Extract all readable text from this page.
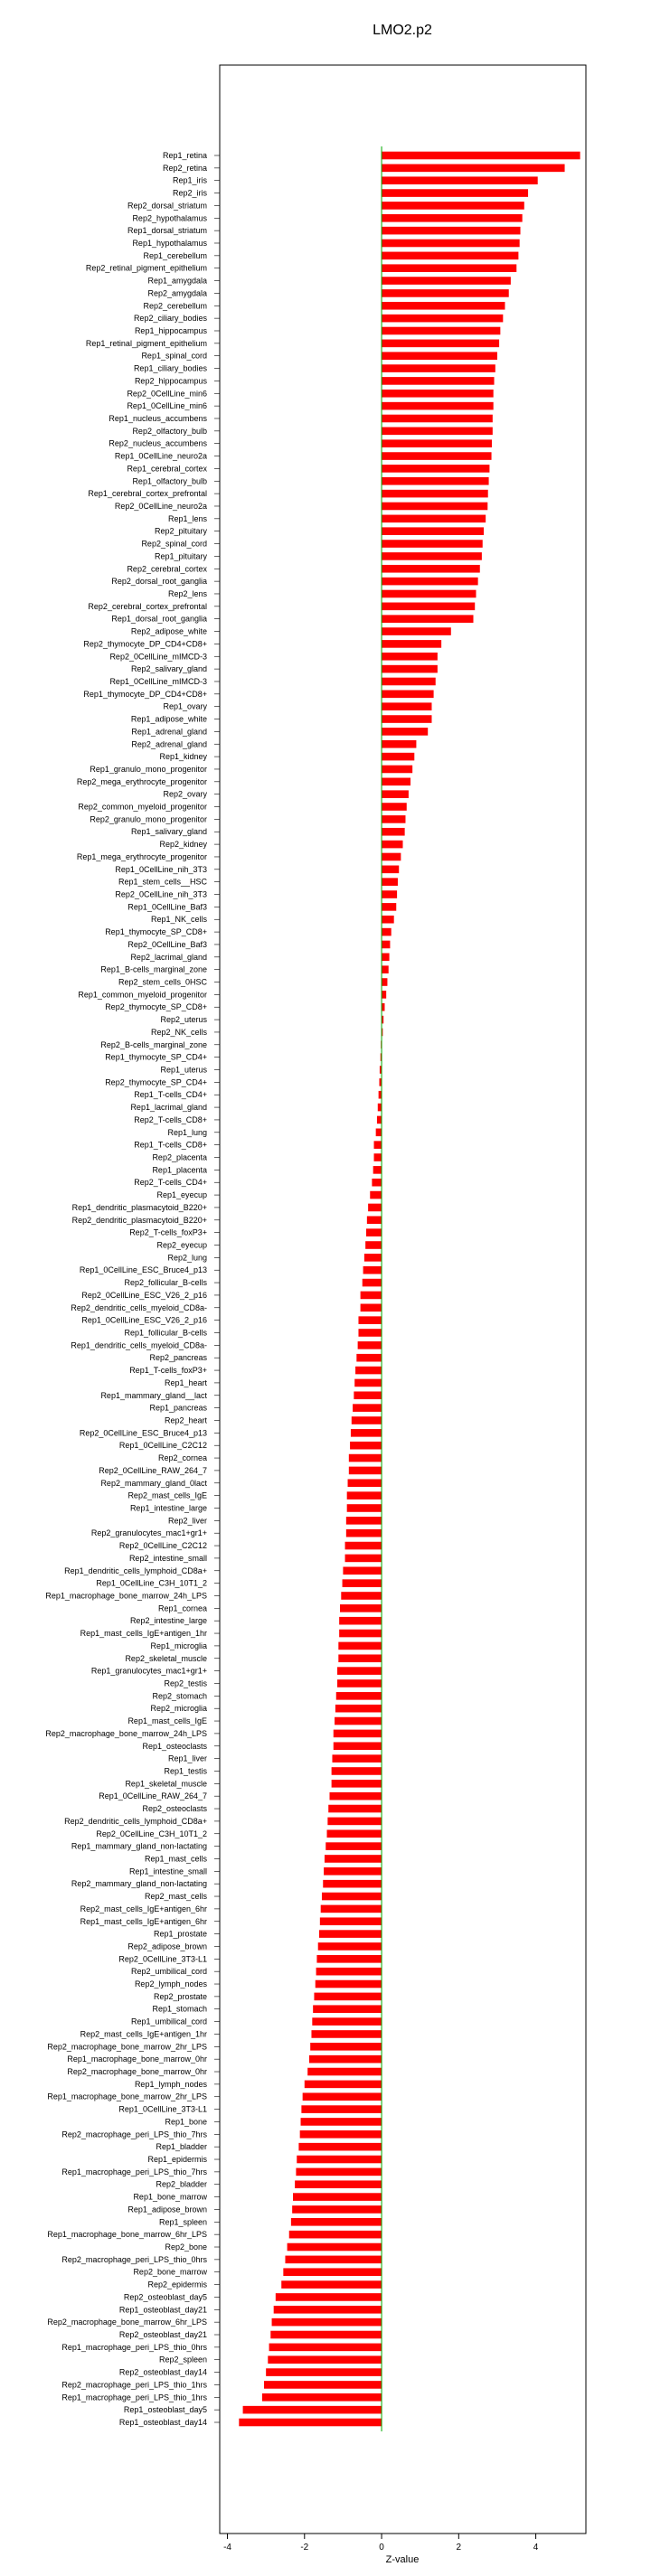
LMO2.p2
Rep1_retina
Rep2_retina
Rep1_iris
Rep2_iris
Rep2_dorsal_striatum
Rep2_hypothalamus
Rep1_dorsal_striatum
Rep1_hypothalamus
Rep1_cerebellum
Rep2_retinal_pigment_epithelium
Rep1_amygdala
Rep2_amygdala
Rep2_cerebellum
Rep2_ciliary_bodies
Rep1_hippocampus
Rep1_retinal_pigment_epithelium
Rep1_spinal_cord
Rep1_ciliary_bodies
Rep2_hippocampus
Rep2_0CellLine_min6
Rep1_0CellLine_min6
Rep1_nucleus_accumbens
Rep2_olfactory_bulb
Rep2_nucleus_accumbens
Rep1_0CellLine_neuro2a
Rep1_cerebral_cortex
Rep1_olfactory_bulb
Rep1_cerebral_cortex_prefrontal
Rep2_0CellLine_neuro2a
Rep1_lens
Rep2_pituitary
Rep2_spinal_cord
Rep1_pituitary
Rep2_cerebral_cortex
Rep2_dorsal_root_ganglia
Rep2_lens
Rep2_cerebral_cortex_prefrontal
Rep1_dorsal_root_ganglia
Rep2_adipose_white
Rep2_thymocyte_DP_CD4+CD8+
Rep2_0CellLine_mIMCD-3
Rep2_salivary_gland
Rep1_0CellLine_mIMCD-3
Rep1_thymocyte_DP_CD4+CD8+
Rep1_ovary
Rep1_adipose_white
Rep1_adrenal_gland
Rep2_adrenal_gland
Rep1_kidney
Rep1_granulo_mono_progenitor
Rep2_mega_erythrocyte_progenitor
Rep2_ovary
Rep2_common_myeloid_progenitor
Rep2_granulo_mono_progenitor
Rep1_salivary_gland
Rep2_kidney
Rep1_mega_erythrocyte_progenitor
Rep1_0CellLine_nih_3T3
Rep1_stem_cells__HSC
Rep2_0CellLine_nih_3T3
Rep1_0CellLine_Baf3
Rep1_NK_cells
Rep1_thymocyte_SP_CD8+
Rep2_0CellLine_Baf3
Rep2_lacrimal_gland
Rep1_B-cells_marginal_zone
Rep2_stem_cells_0HSC
Rep1_common_myeloid_progenitor
Rep2_thymocyte_SP_CD8+
Rep2_uterus
Rep2_NK_cells
Rep2_B-cells_marginal_zone
Rep1_thymocyte_SP_CD4+
Rep1_uterus
Rep2_thymocyte_SP_CD4+
Rep1_T-cells_CD4+
Rep1_lacrimal_gland
Rep2_T-cells_CD8+
Rep1_lung
Rep1_T-cells_CD8+
Rep2_placenta
Rep1_placenta
Rep2_T-cells_CD4+
Rep1_eyecup
Rep1_dendritic_plasmacytoid_B220+
Rep2_dendritic_plasmacytoid_B220+
Rep2_T-cells_foxP3+
Rep2_eyecup
Rep2_lung
Rep1_0CellLine_ESC_Bruce4_p13
Rep2_follicular_B-cells
Rep2_0CellLine_ESC_V26_2_p16
Rep2_dendritic_cells_myeloid_CD8a-
Rep1_0CellLine_ESC_V26_2_p16
Rep1_follicular_B-cells
Rep1_dendritic_cells_myeloid_CD8a-
Rep2_pancreas
Rep1_T-cells_foxP3+
Rep1_heart
Rep1_mammary_gland__lact
Rep1_pancreas
Rep2_heart
Rep2_0CellLine_ESC_Bruce4_p13
Rep1_0CellLine_C2C12
Rep2_cornea
Rep2_0CellLine_RAW_264_7
Rep2_mammary_gland_0lact
Rep2_mast_cells_IgE
Rep1_intestine_large
Rep2_liver
Rep2_granulocytes_mac1+gr1+
Rep2_0CellLine_C2C12
Rep2_intestine_small
Rep1_dendritic_cells_lymphoid_CD8a+
Rep1_0CellLine_C3H_10T1_2
Rep1_macrophage_bone_marrow_24h_LPS
Rep1_cornea
Rep2_intestine_large
Rep1_mast_cells_IgE+antigen_1hr
Rep1_microglia
Rep2_skeletal_muscle
Rep1_granulocytes_mac1+gr1+
Rep2_testis
Rep2_stomach
Rep2_microglia
Rep1_mast_cells_IgE
Rep2_macrophage_bone_marrow_24h_LPS
Rep1_osteoclasts
Rep1_liver
Rep1_testis
Rep1_skeletal_muscle
Rep1_0CellLine_RAW_264_7
Rep2_osteoclasts
Rep2_dendritic_cells_lymphoid_CD8a+
Rep2_0CellLine_C3H_10T1_2
Rep1_mammary_gland_non-lactating
Rep1_mast_cells
Rep1_intestine_small
Rep2_mammary_gland_non-lactating
Rep2_mast_cells
Rep2_mast_cells_IgE+antigen_6hr
Rep1_mast_cells_IgE+antigen_6hr
Rep1_prostate
Rep2_adipose_brown
Rep2_0CellLine_3T3-L1
Rep2_umbilical_cord
Rep2_lymph_nodes
Rep2_prostate
Rep1_stomach
Rep1_umbilical_cord
Rep2_mast_cells_IgE+antigen_1hr
Rep2_macrophage_bone_marrow_2hr_LPS
Rep1_macrophage_bone_marrow_0hr
Rep2_macrophage_bone_marrow_0hr
Rep1_lymph_nodes
Rep1_macrophage_bone_marrow_2hr_LPS
Rep1_0CellLine_3T3-L1
Rep1_bone
Rep2_macrophage_peri_LPS_thio_7hrs
Rep1_bladder
Rep1_epidermis
Rep1_macrophage_peri_LPS_thio_7hrs
Rep2_bladder
Rep1_bone_marrow
Rep1_adipose_brown
Rep1_spleen
Rep1_macrophage_bone_marrow_6hr_LPS
Rep2_bone
Rep2_macrophage_peri_LPS_thio_0hrs
Rep2_bone_marrow
Rep2_epidermis
Rep2_osteoblast_day5
Rep1_osteoblast_day21
Rep2_macrophage_bone_marrow_6hr_LPS
Rep2_osteoblast_day21
Rep1_macrophage_peri_LPS_thio_0hrs
Rep2_spleen
Rep2_osteoblast_day14
Rep2_macrophage_peri_LPS_thio_1hrs
Rep1_macrophage_peri_LPS_thio_1hrs
Rep1_osteoblast_day5
Rep1_osteoblast_day14
-4	-2	0	2	4
Z-value
